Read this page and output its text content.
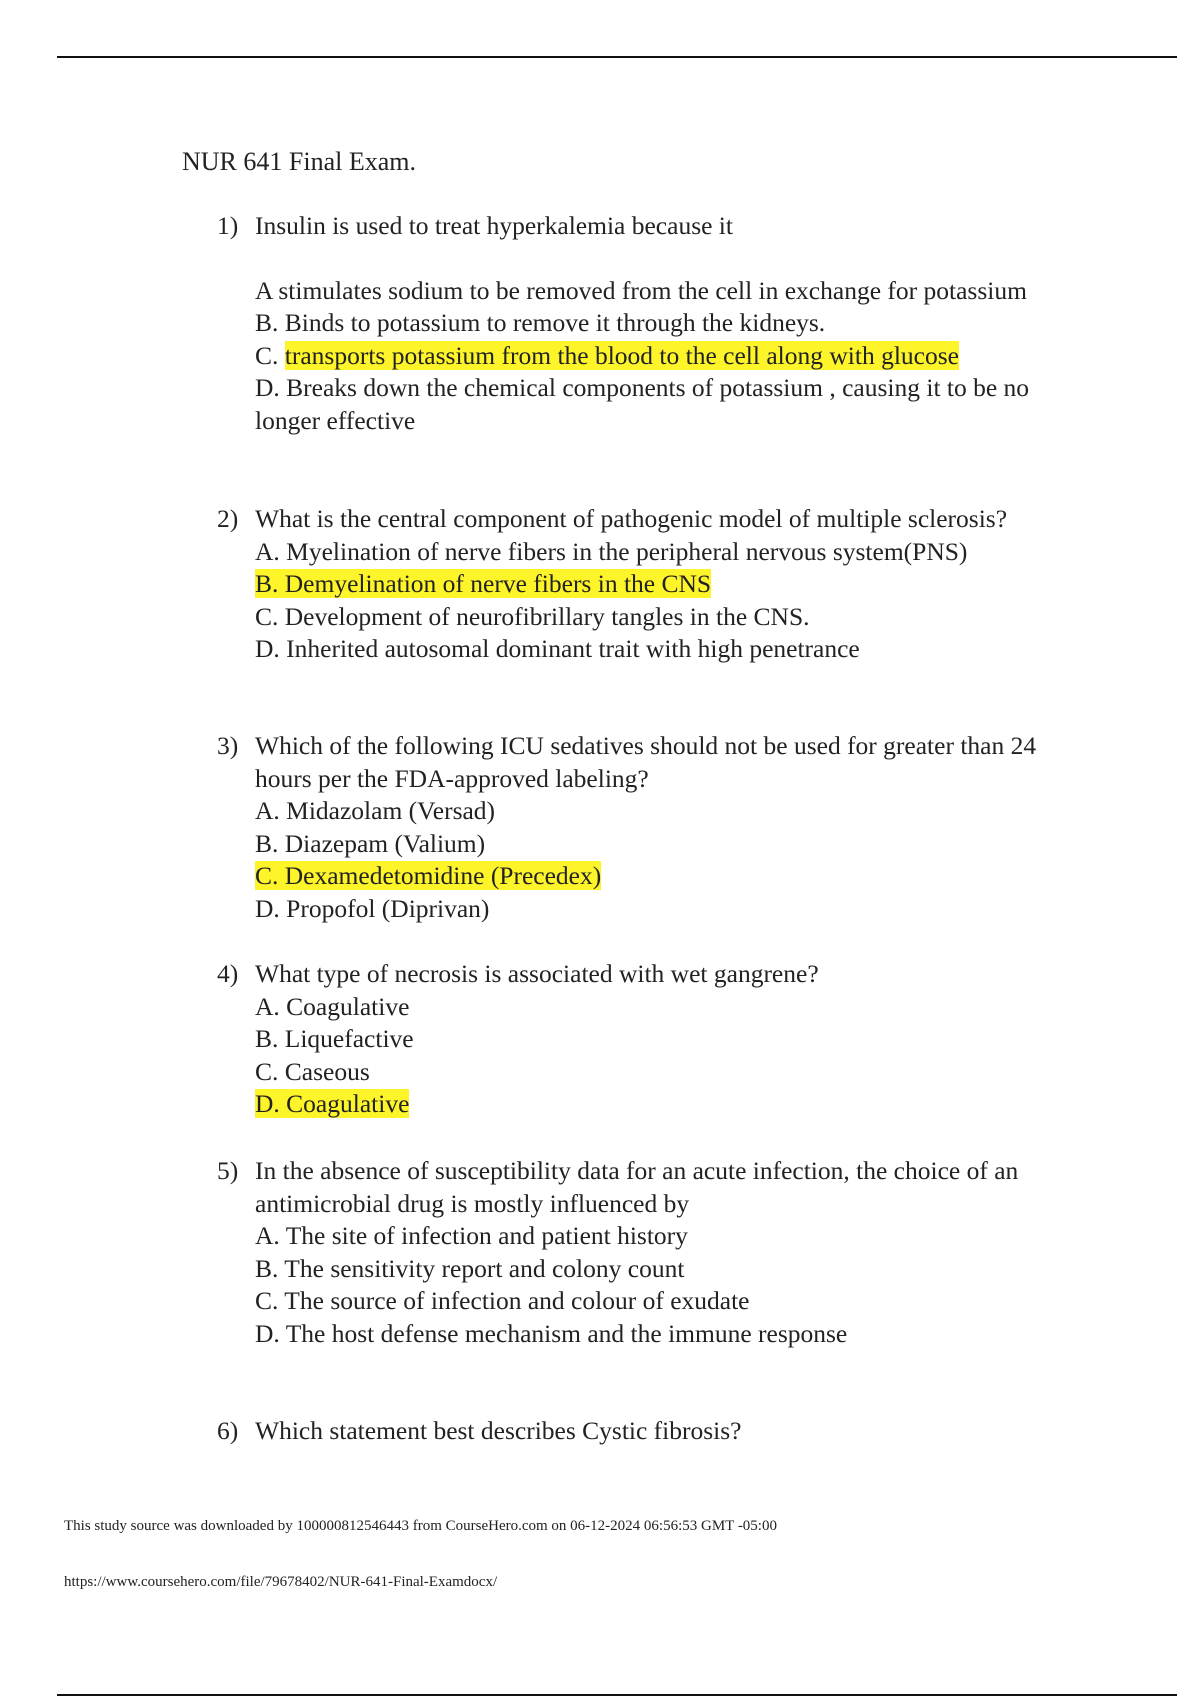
NUR 641 Final Exam.
1) Insulin is used to treat hyperkalemia because it
A stimulates sodium to be removed from the cell in exchange for potassium
B. Binds to potassium to remove it through the kidneys.
C. transports potassium from the blood to the cell along with glucose
D. Breaks down the chemical components of potassium , causing it to be no longer effective
2) What is the central component of pathogenic model of multiple sclerosis?
A. Myelination of nerve fibers in the peripheral nervous system(PNS)
B. Demyelination of nerve fibers in the CNS
C. Development of neurofibrillary tangles in the CNS.
D. Inherited autosomal dominant trait with high penetrance
3) Which of the following ICU sedatives should not be used for greater than 24 hours per the FDA-approved labeling?
A. Midazolam (Versad)
B. Diazepam (Valium)
C. Dexamedetomidine (Precedex)
D. Propofol (Diprivan)
4) What type of necrosis is associated with wet gangrene?
A. Coagulative
B. Liquefactive
C. Caseous
D. Coagulative
5) In the absence of susceptibility data for an acute infection, the choice of an antimicrobial drug is mostly influenced by
A. The site of infection and patient history
B. The sensitivity report and colony count
C. The source of infection and colour of exudate
D. The host defense mechanism and the immune response
6) Which statement best describes Cystic fibrosis?
This study source was downloaded by 100000812546443 from CourseHero.com on 06-12-2024 06:56:53 GMT -05:00
https://www.coursehero.com/file/79678402/NUR-641-Final-Examdocx/
